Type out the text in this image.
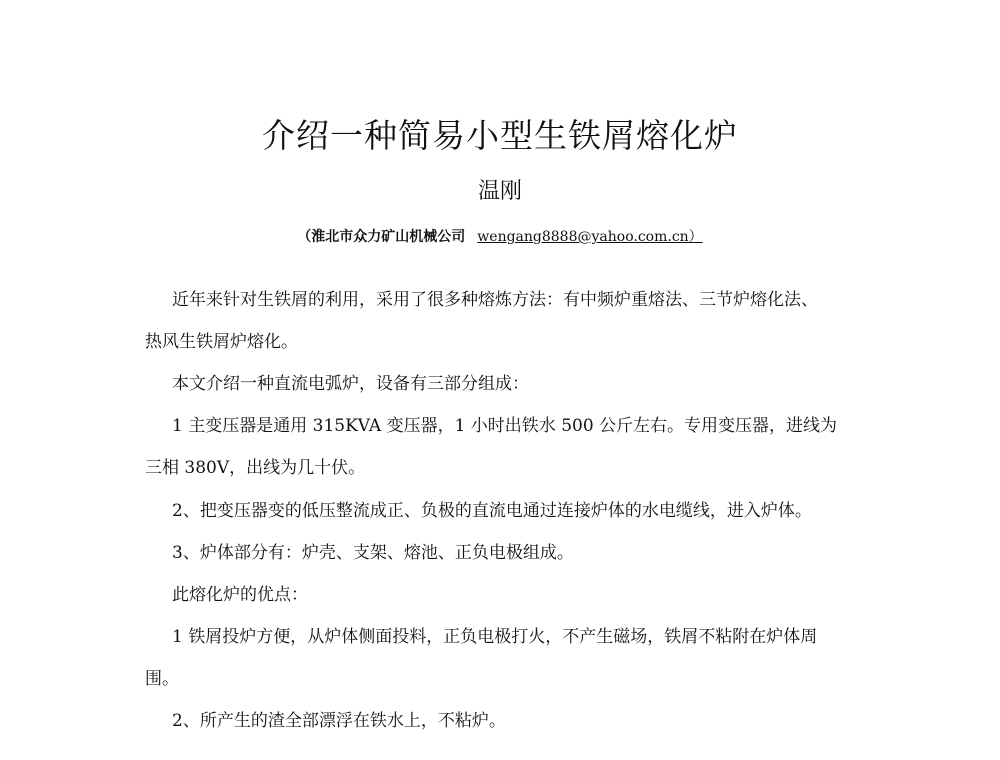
介绍一种简易小型生铁屑熔化炉
温刚
（淮北市众力矿山机械公司 wengang8888@yahoo.com.cn）
近年来针对生铁屑的利用，采用了很多种熔炼方法：有中频炉重熔法、三节炉熔化法、
热风生铁屑炉熔化。
本文介绍一种直流电弧炉，设备有三部分组成：
1 主变压器是通用 315KVA 变压器，1 小时出铁水 500 公斤左右。专用变压器，进线为
三相 380V，出线为几十伏。
2、把变压器变的低压整流成正、负极的直流电通过连接炉体的水电缆线，进入炉体。
3、炉体部分有：炉壳、支架、熔池、正负电极组成。
此熔化炉的优点：
1 铁屑投炉方便，从炉体侧面投料，正负电极打火，不产生磁场，铁屑不粘附在炉体周
围。
2、所产生的渣全部漂浮在铁水上，不粘炉。
